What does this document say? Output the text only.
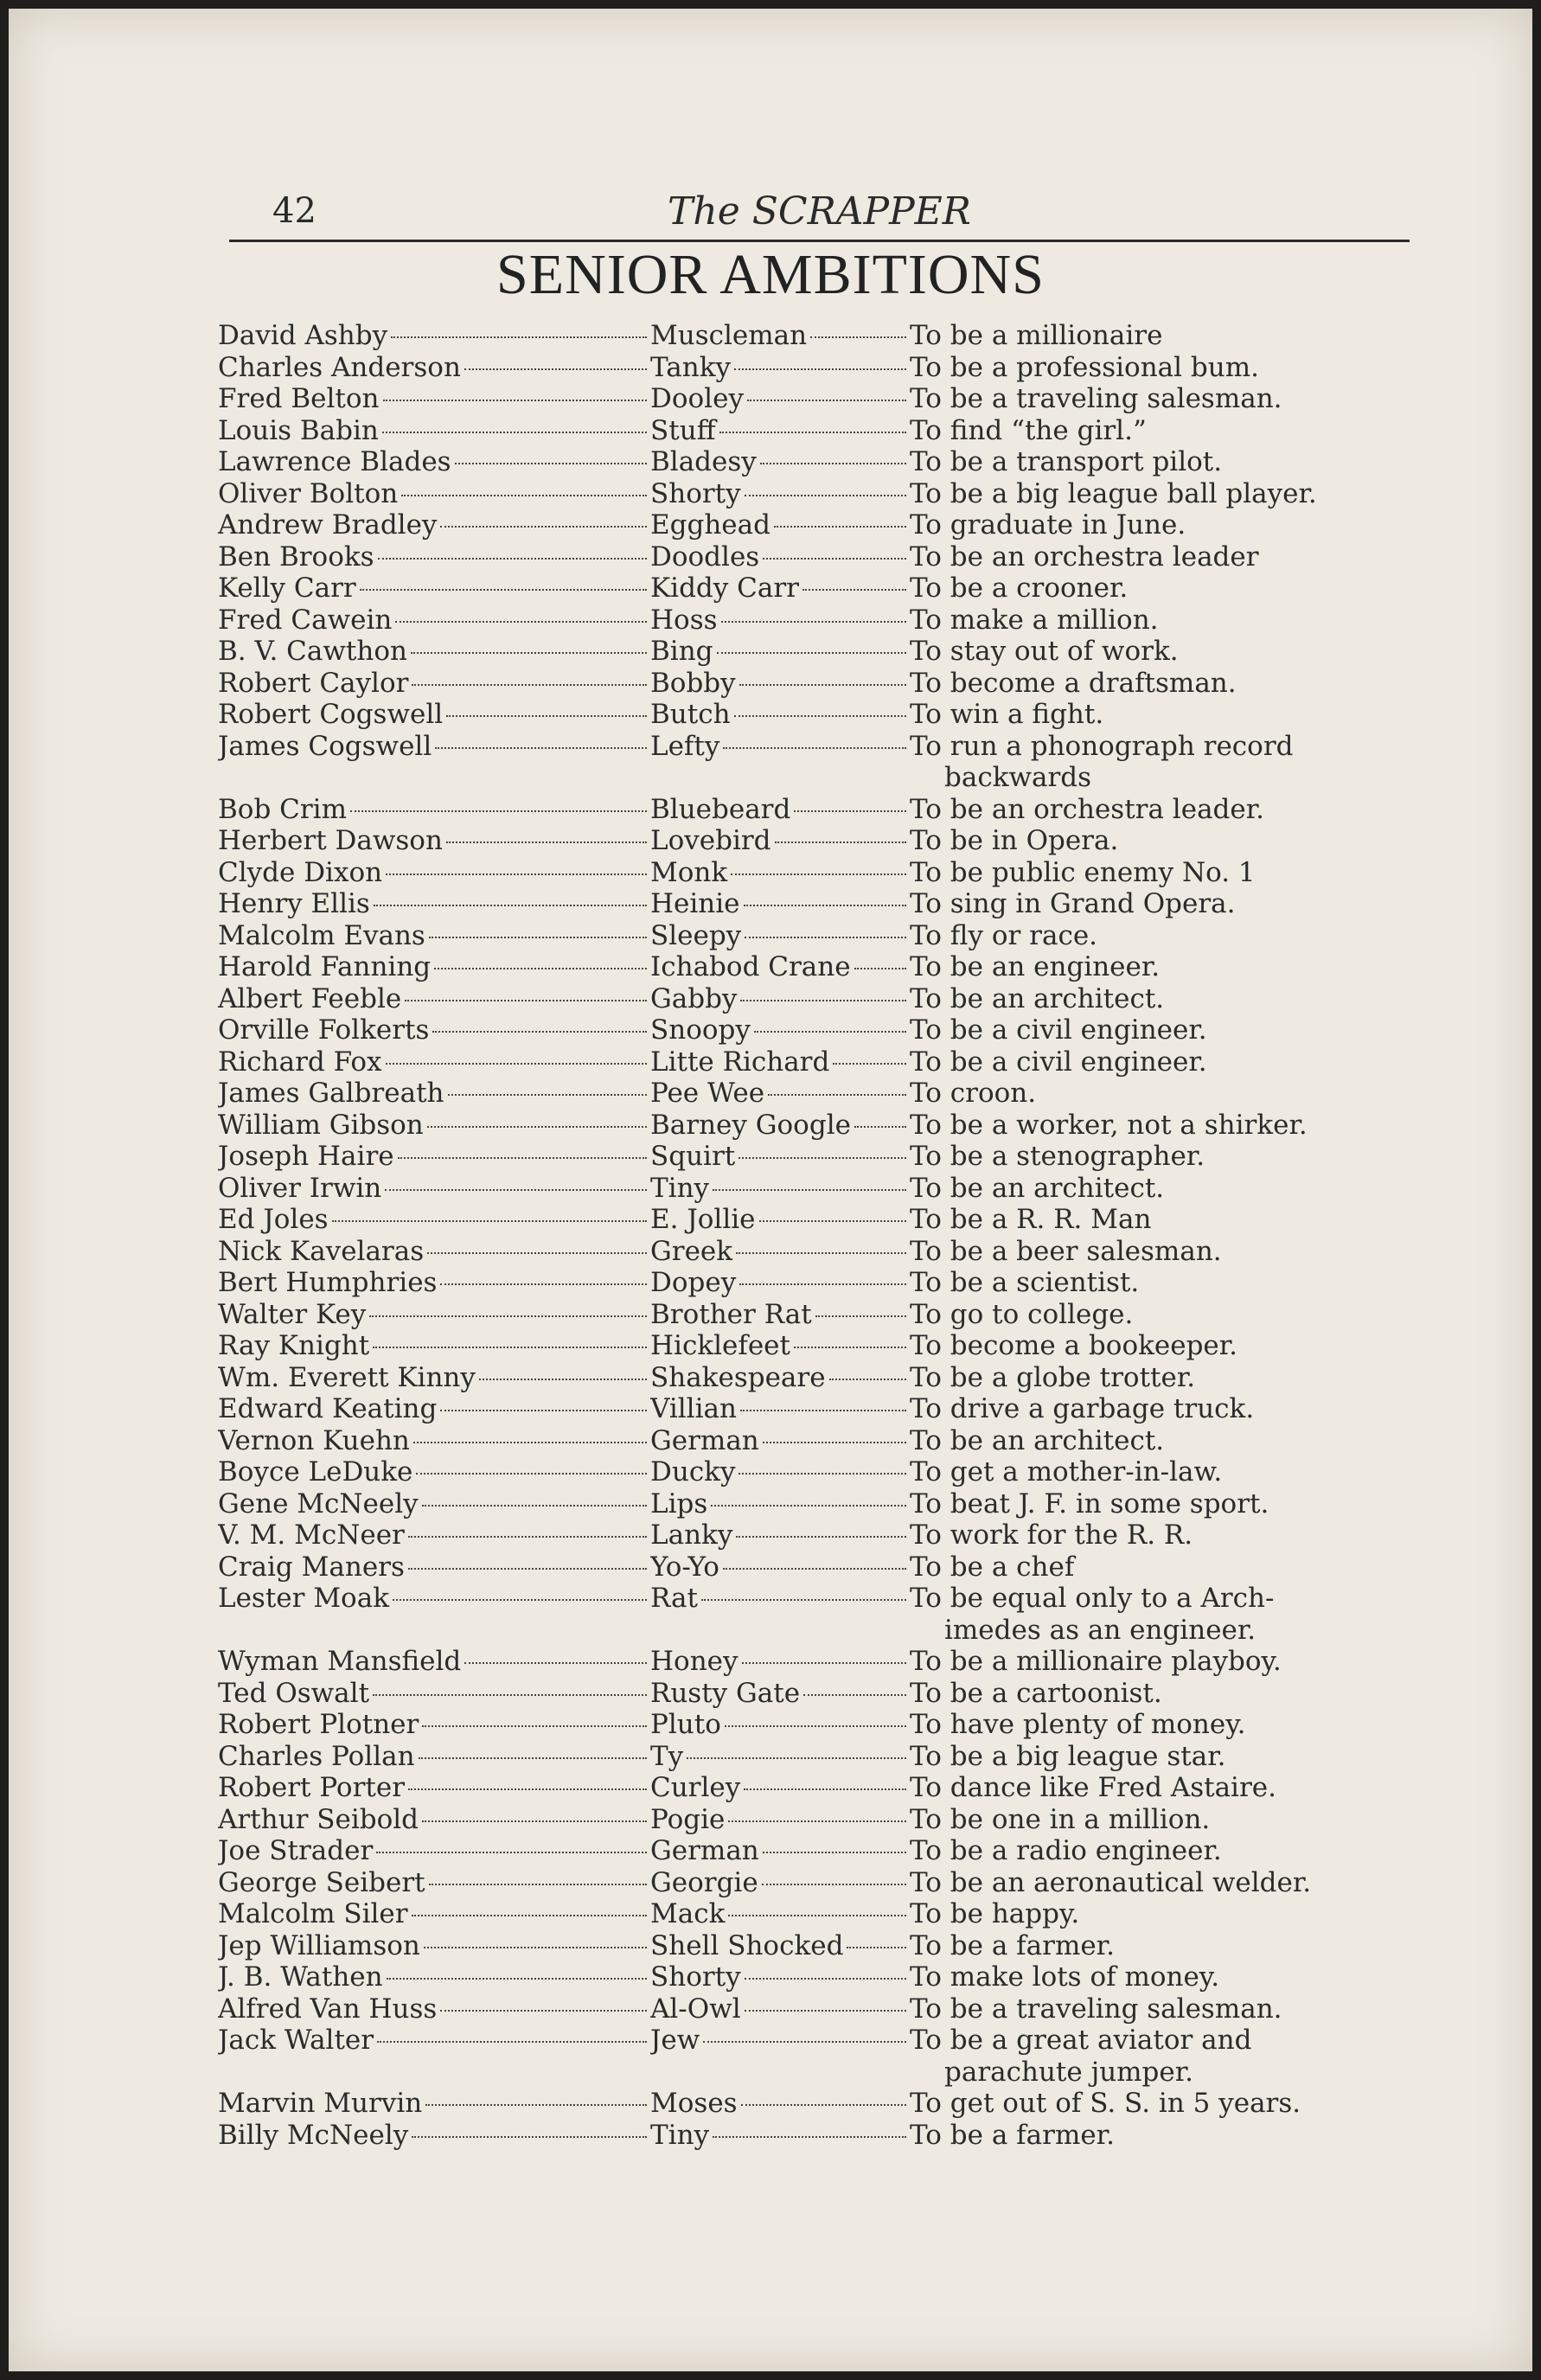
42	The SCRAPPER
SENIOR AMBITIONS
David Ashby	Muscleman	To be a millionaire
Charles Anderson	Tanky	To be a professional bum.
Fred Belton	Dooley	To be a traveling salesman.
Louis Babin	Stuff	To find “the girl.”
Lawrence Blades	Bladesy	To be a transport pilot.
Oliver Bolton	Shorty	To be a big league ball player.
Andrew Bradley	Egghead	To graduate in June.
Ben Brooks	Doodles	To be an orchestra leader
Kelly Carr	Kiddy Carr	To be a crooner.
Fred Cawein	Hoss	To make a million.
B. V. Cawthon	Bing	To stay out of work.
Robert Caylor	Bobby	To become a draftsman.
Robert Cogswell	Butch	To win a fight.
James Cogswell	Lefty	To run a phonograph record
backwards
Bob Crim	Bluebeard	To be an orchestra leader.
Herbert Dawson	Lovebird	To be in Opera.
Clyde Dixon	Monk	To be public enemy No. 1
Henry Ellis	Heinie	To sing in Grand Opera.
Malcolm Evans	Sleepy	To fly or race.
Harold Fanning	Ichabod Crane To be an engineer.
Albert Feeble	Gabby	To be an architect.
Orville Folkerts	Snoopy	To be a civil engineer.
Richard Fox	Litte Richard	To be a civil engineer.
James Galbreath	Pee Wee	To croon.
William Gibson	Barney Google To be a worker, not a shirker.
Joseph Haire	Squirt	To be a stenographer.
Oliver Irwin	Tiny	To be an architect.
Ed Joles	E. Jollie	To be a R. R. Man
Nick Kavelaras	Greek	To be a beer salesman.
Bert Humphries	Dopey	To be a scientist.
Walter Key	Brother Rat	To go to college.
Ray Knight	Hicklefeet	To become a bookeeper.
Wm. Everett Kinny	Shakespeare	To be a globe trotter.
Edward Keating	Villian	To drive a garbage truck.
Vernon Kuehn	German	To be an architect.
Boyce LeDuke	Ducky	To get a mother-in-law.
Gene McNeely	Lips	To beat J. F. in some sport.
V. M. McNeer	Lanky	To work for the R. R.
Craig Maners	Yo-Yo	To be a chef
Lester Moak	Rat	To be equal only to a Arch-
imedes as an engineer.
Wyman Mansfield	Honey	To be a millionaire playboy.
Ted Oswalt	Rusty Gate	To be a cartoonist.
Robert Plotner	Pluto	To have plenty of money.
Charles Pollan	Ty	To be a big league star.
Robert Porter	Curley	To dance like Fred Astaire.
Arthur Seibold	Pogie	To be one in a million.
Joe Strader	German	To be a radio engineer.
George Seibert	Georgie	To be an aeronautical welder.
Malcolm Siler	Mack	To be happy.
Jep Williamson	Shell Shocked To be a farmer.
J. B. Wathen	Shorty	To make lots of money.
Alfred Van Huss	Al-Owl	To be a traveling salesman.
Jack Walter	Jew	To be a great aviator and
parachute jumper.
Marvin Murvin	Moses	To get out of S. S. in 5 years.
Billy McNeely	Tiny	To be a farmer.
